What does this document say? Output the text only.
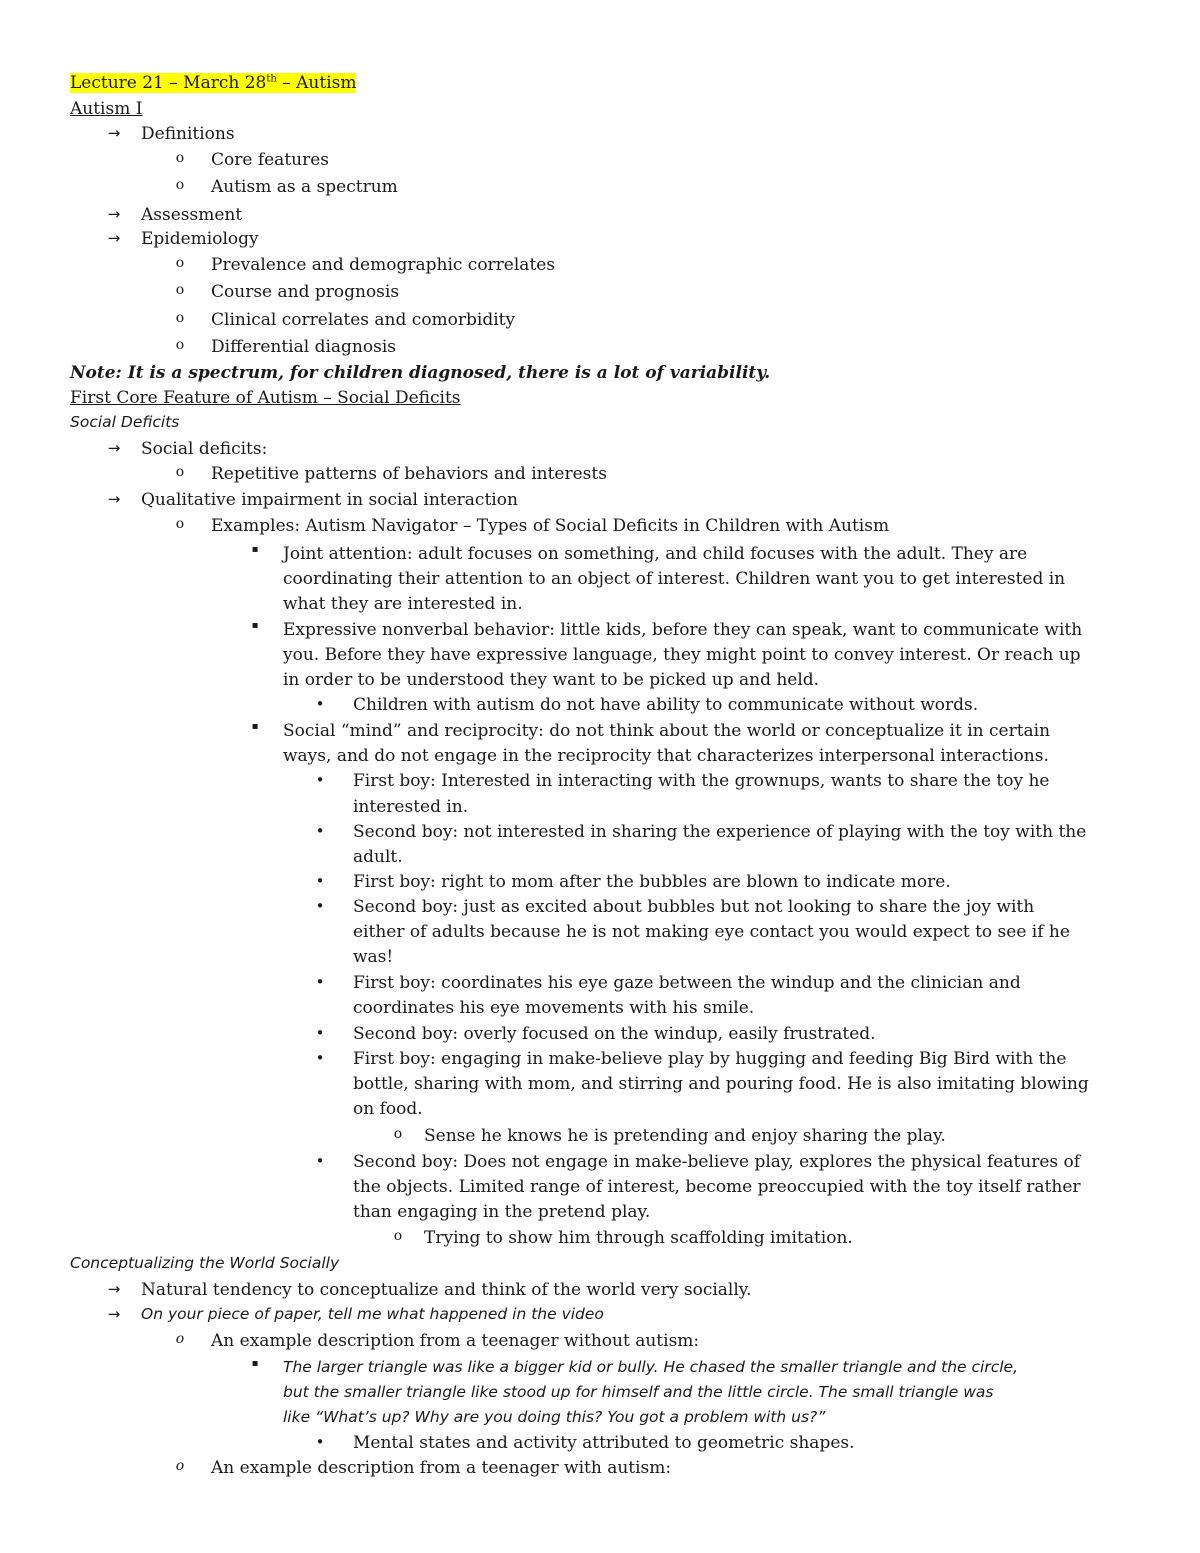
Lecture 21 – March 28th – Autism
Autism I
→ Definitions
o	Core features
o	Autism as a spectrum
→ Assessment
→ Epidemiology
o	Prevalence and demographic correlates
o	Course and prognosis
o	Clinical correlates and comorbidity
o	Differential diagnosis
Note: It is a spectrum, for children diagnosed, there is a lot of variability.
First Core Feature of Autism – Social Deficits
Social Deficits
→ Social deficits:
o	Repetitive patterns of behaviors and interests
→ Qualitative impairment in social interaction
o	Examples: Autism Navigator – Types of Social Deficits in Children with Autism
▪	Joint attention: adult focuses on something, and child focuses with the adult. They are
coordinating their attention to an object of interest. Children want you to get interested in
what they are interested in.
▪	Expressive nonverbal behavior: little kids, before they can speak, want to communicate with
you. Before they have expressive language, they might point to convey interest. Or reach up
in order to be understood they want to be picked up and held.
•	Children with autism do not have ability to communicate without words.
▪	Social “mind” and reciprocity: do not think about the world or conceptualize it in certain
ways, and do not engage in the reciprocity that characterizes interpersonal interactions.
•	First boy: Interested in interacting with the grownups, wants to share the toy he
interested in.
•	Second boy: not interested in sharing the experience of playing with the toy with the
adult.
•	First boy: right to mom after the bubbles are blown to indicate more.
•	Second boy: just as excited about bubbles but not looking to share the joy with
either of adults because he is not making eye contact you would expect to see if he
was!
•	First boy: coordinates his eye gaze between the windup and the clinician and
coordinates his eye movements with his smile.
•	Second boy: overly focused on the windup, easily frustrated.
•	First boy: engaging in make-believe play by hugging and feeding Big Bird with the
bottle, sharing with mom, and stirring and pouring food. He is also imitating blowing
on food.
o	Sense he knows he is pretending and enjoy sharing the play.
•	Second boy: Does not engage in make-believe play, explores the physical features of
the objects. Limited range of interest, become preoccupied with the toy itself rather
than engaging in the pretend play.
o	Trying to show him through scaffolding imitation.
Conceptualizing the World Socially
→ Natural tendency to conceptualize and think of the world very socially.
→ On your piece of paper, tell me what happened in the video
o	An example description from a teenager without autism:
▪	The larger triangle was like a bigger kid or bully. He chased the smaller triangle and the circle,
but the smaller triangle like stood up for himself and the little circle. The small triangle was
like “What’s up? Why are you doing this? You got a problem with us?”
•	Mental states and activity attributed to geometric shapes.
o	An example description from a teenager with autism:
